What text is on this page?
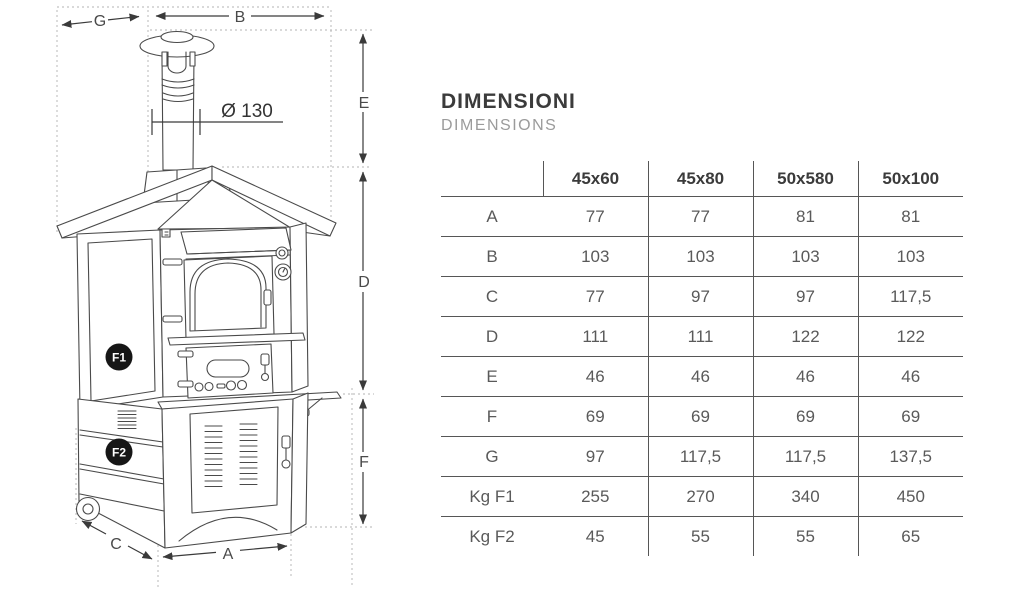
F1
F2
G	B
E
D
F
C
A
Ø 130	DIMENSIONI
DIMENSIONS
	45x60	45x80	50x580	50x100
A	77	77	81	81
B	103	103	103	103
C	77	97	97	117,5
D	111	111	122	122
E	46	46	46	46
F	69	69	69	69
G	97	117,5	117,5	137,5
Kg F1	255	270	340	450
Kg F2	45	55	55	65
